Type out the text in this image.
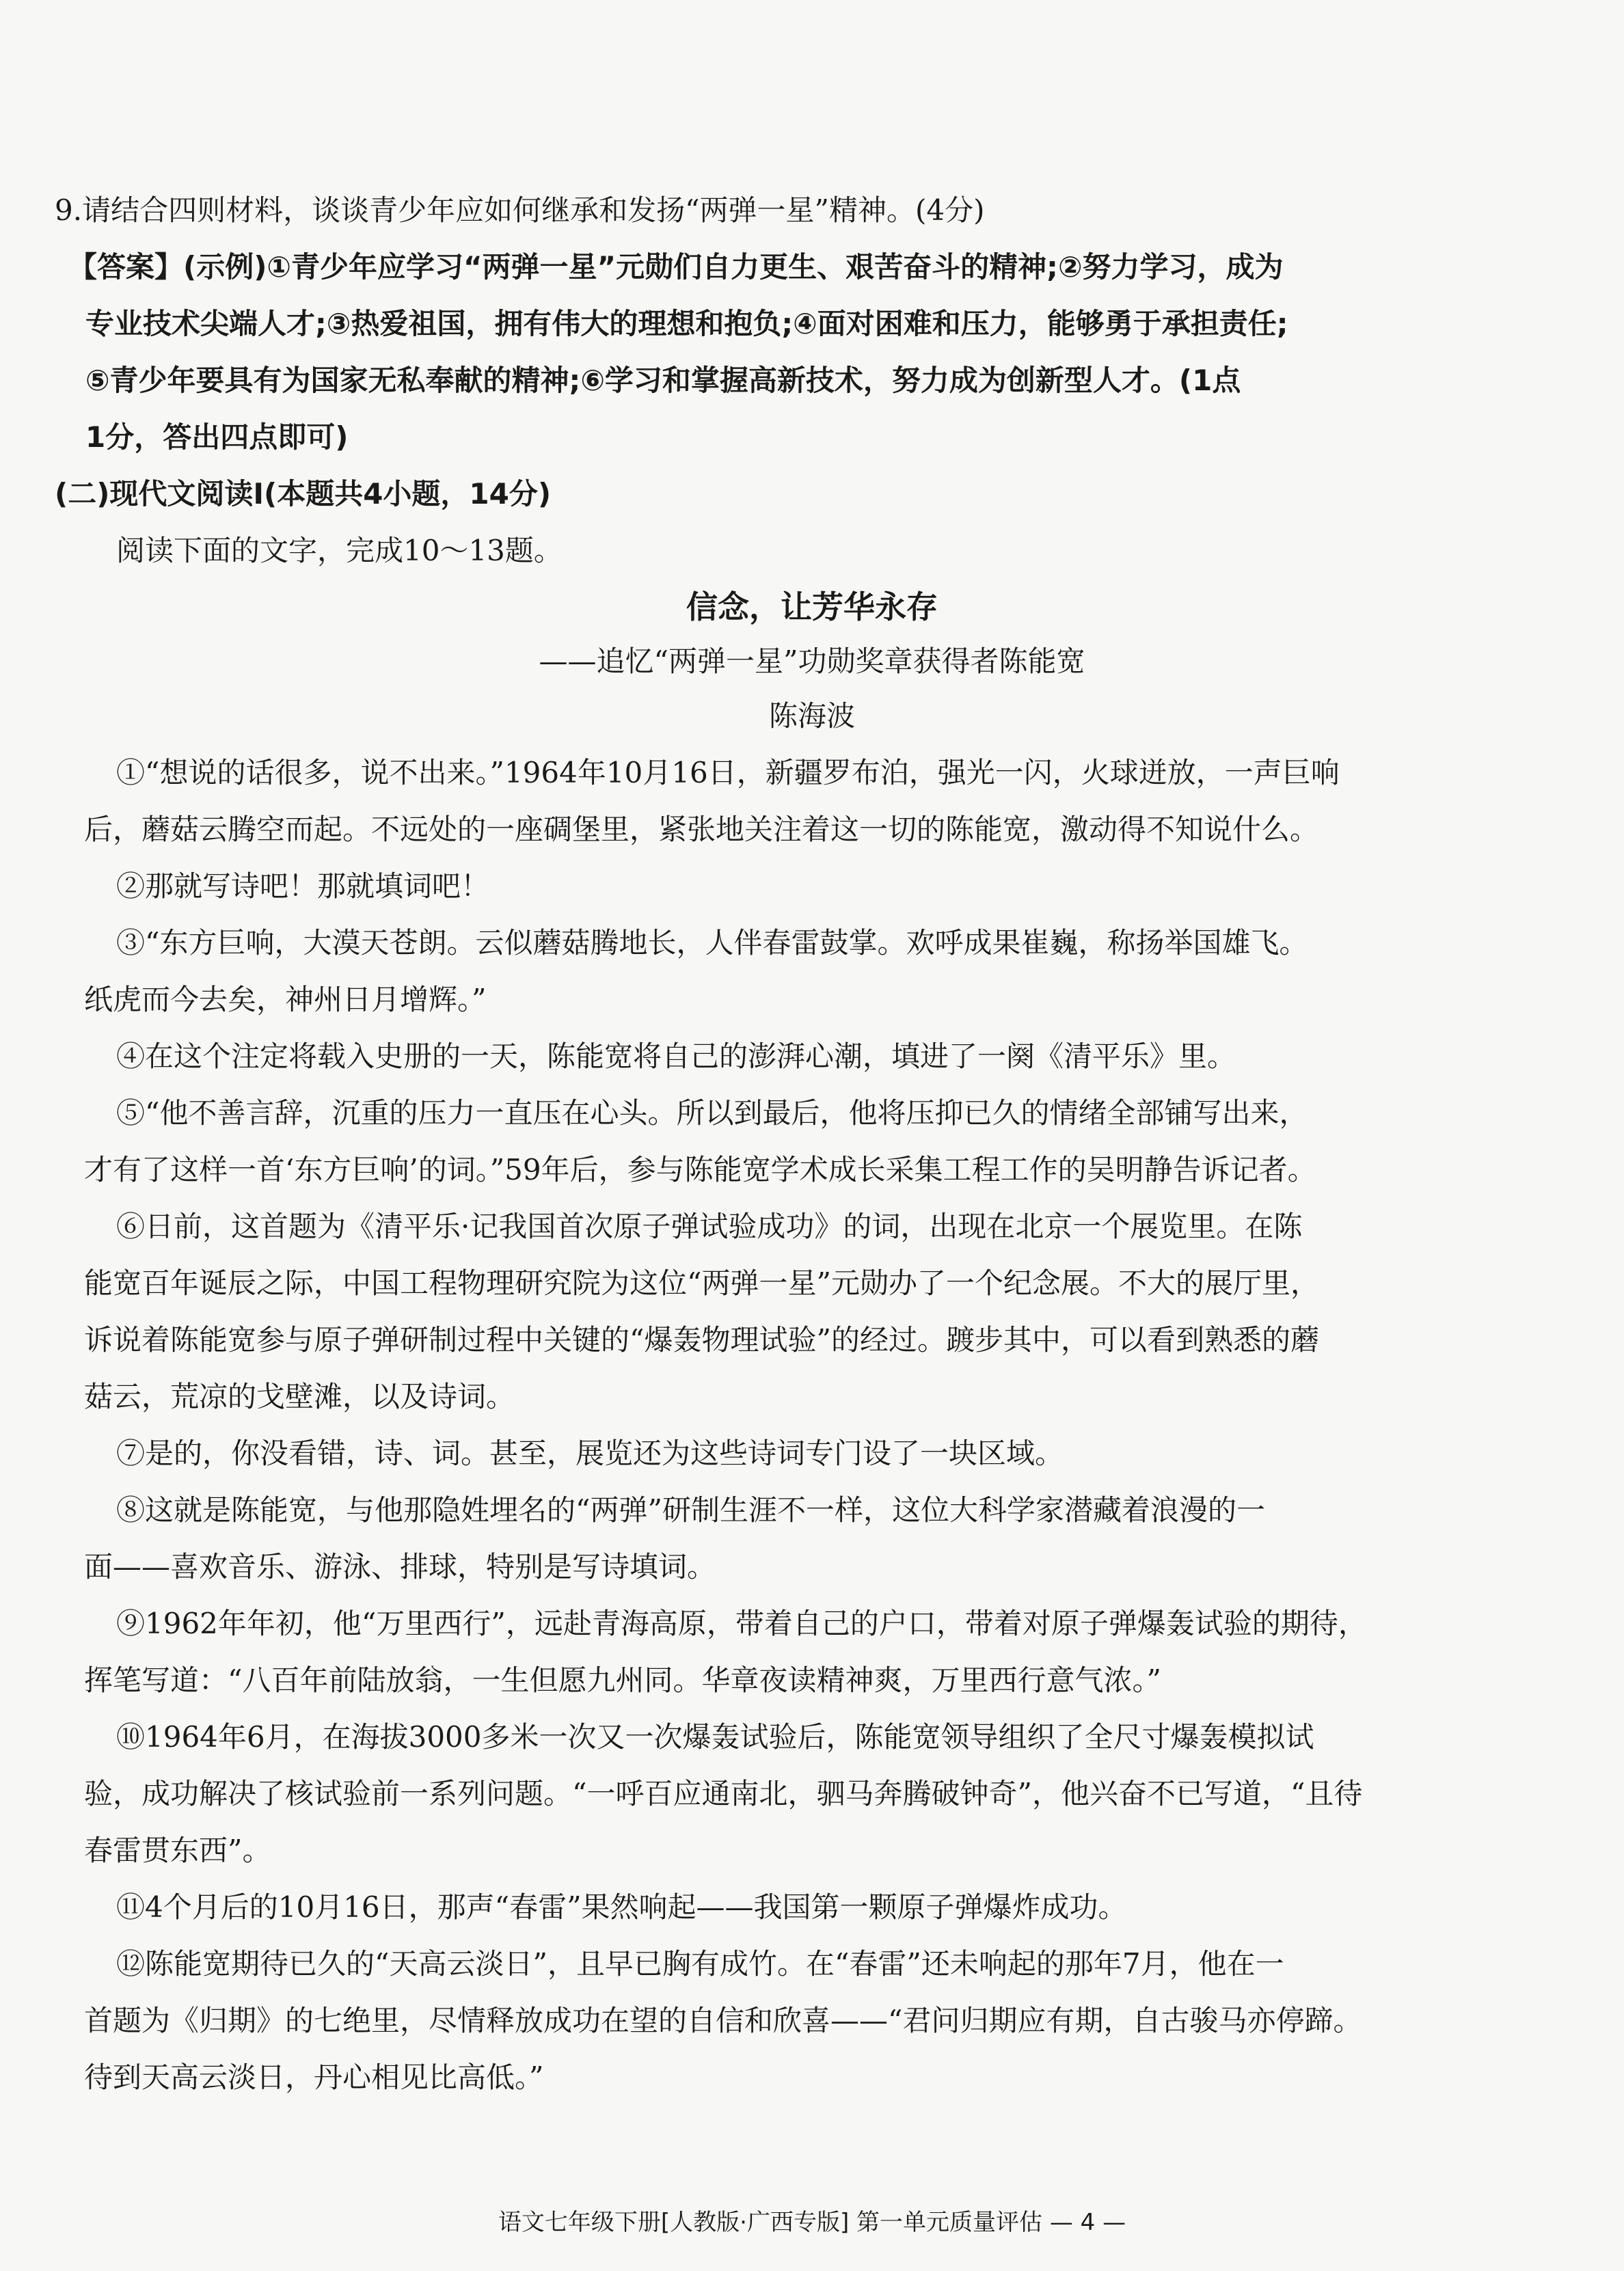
9.请结合四则材料，谈谈青少年应如何继承和发扬“两弹一星”精神。(4分)
【答案】(示例)①青少年应学习“两弹一星”元勋们自力更生、艰苦奋斗的精神;②努力学习，成为
专业技术尖端人才;③热爱祖国，拥有伟大的理想和抱负;④面对困难和压力，能够勇于承担责任;
⑤青少年要具有为国家无私奉献的精神;⑥学习和掌握高新技术，努力成为创新型人才。(1点
1分，答出四点即可)
(二)现代文阅读Ⅰ(本题共4小题，14分)
阅读下面的文字，完成10～13题。
信念，让芳华永存
——追忆“两弹一星”功勋奖章获得者陈能宽
陈海波
①“想说的话很多，说不出来。”1964年10月16日，新疆罗布泊，强光一闪，火球迸放，一声巨响
后，蘑菇云腾空而起。不远处的一座碉堡里，紧张地关注着这一切的陈能宽，激动得不知说什么。
②那就写诗吧！那就填词吧！
③“东方巨响，大漠天苍朗。云似蘑菇腾地长，人伴春雷鼓掌。欢呼成果崔巍，称扬举国雄飞。
纸虎而今去矣，神州日月增辉。”
④在这个注定将载入史册的一天，陈能宽将自己的澎湃心潮，填进了一阕《清平乐》里。
⑤“他不善言辞，沉重的压力一直压在心头。所以到最后，他将压抑已久的情绪全部铺写出来，
才有了这样一首‘东方巨响’的词。”59年后，参与陈能宽学术成长采集工程工作的吴明静告诉记者。
⑥日前，这首题为《清平乐·记我国首次原子弹试验成功》的词，出现在北京一个展览里。在陈
能宽百年诞辰之际，中国工程物理研究院为这位“两弹一星”元勋办了一个纪念展。不大的展厅里，
诉说着陈能宽参与原子弹研制过程中关键的“爆轰物理试验”的经过。踱步其中，可以看到熟悉的蘑
菇云，荒凉的戈壁滩，以及诗词。
⑦是的，你没看错，诗、词。甚至，展览还为这些诗词专门设了一块区域。
⑧这就是陈能宽，与他那隐姓埋名的“两弹”研制生涯不一样，这位大科学家潜藏着浪漫的一
面——喜欢音乐、游泳、排球，特别是写诗填词。
⑨1962年年初，他“万里西行”，远赴青海高原，带着自己的户口，带着对原子弹爆轰试验的期待，
挥笔写道：“八百年前陆放翁，一生但愿九州同。华章夜读精神爽，万里西行意气浓。”
⑩1964年6月，在海拔3000多米一次又一次爆轰试验后，陈能宽领导组织了全尺寸爆轰模拟试
验，成功解决了核试验前一系列问题。“一呼百应通南北，驷马奔腾破钟奇”，他兴奋不已写道，“且待
春雷贯东西”。
⑪4个月后的10月16日，那声“春雷”果然响起——我国第一颗原子弹爆炸成功。
⑫陈能宽期待已久的“天高云淡日”，且早已胸有成竹。在“春雷”还未响起的那年7月，他在一
首题为《归期》的七绝里，尽情释放成功在望的自信和欣喜——“君问归期应有期，自古骏马亦停蹄。
待到天高云淡日，丹心相见比高低。”
语文七年级下册[人教版·广西专版] 第一单元质量评估 — 4 —
